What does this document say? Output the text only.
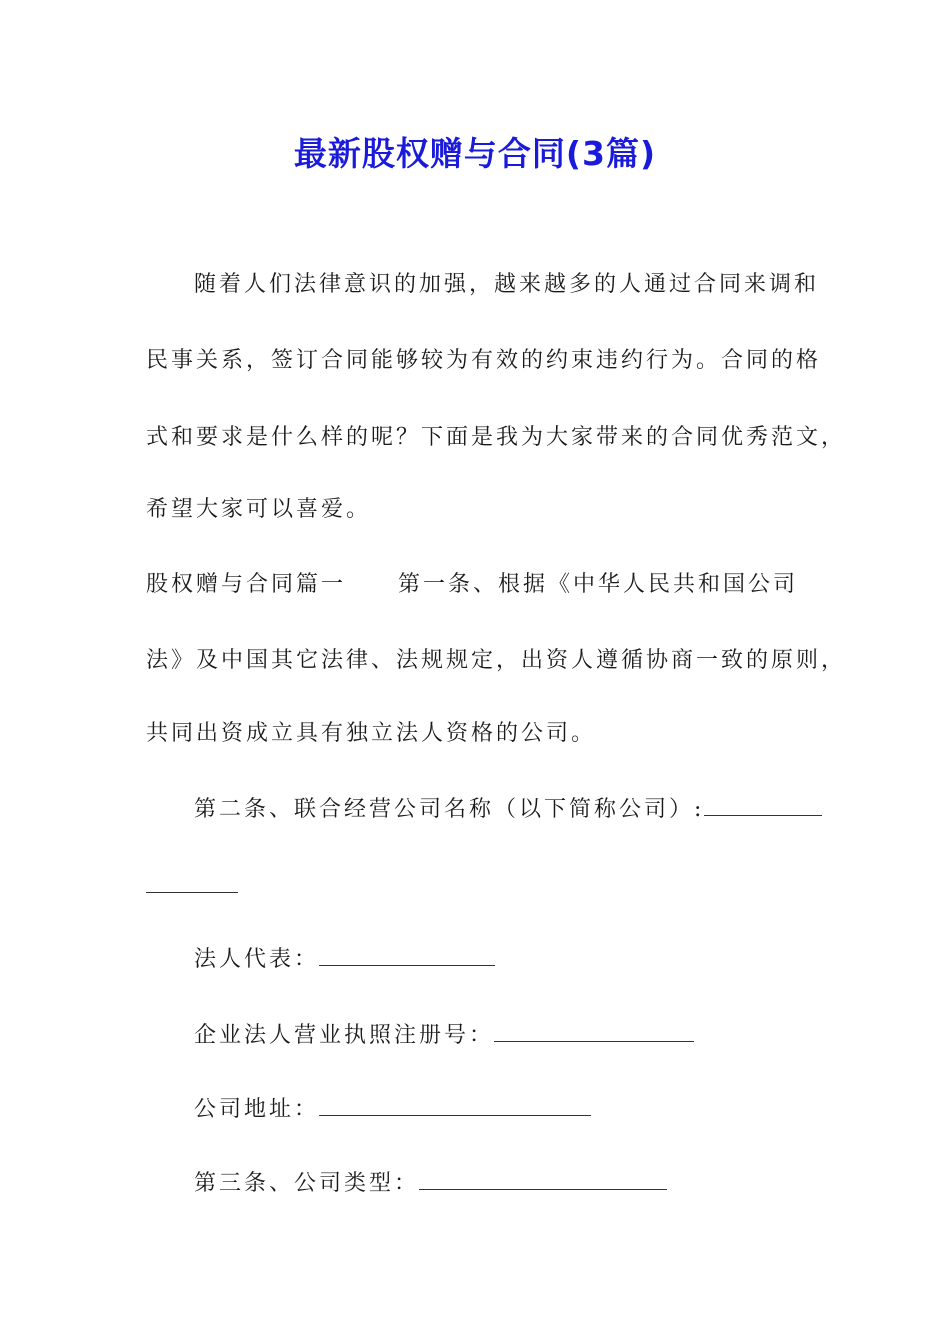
最新股权赠与合同(3篇)
随着人们法律意识的加强，越来越多的人通过合同来调和
民事关系，签订合同能够较为有效的约束违约行为。合同的格
式和要求是什么样的呢？下面是我为大家带来的合同优秀范文，
希望大家可以喜爱。
股权赠与合同篇一 第一条、根据《中华人民共和国公司
法》及中国其它法律、法规规定，出资人遵循协商一致的原则，
共同出资成立具有独立法人资格的公司。
第二条、联合经营公司名称（以下简称公司）:
法人代表：
企业法人营业执照注册号：
公司地址：
第三条、公司类型：
